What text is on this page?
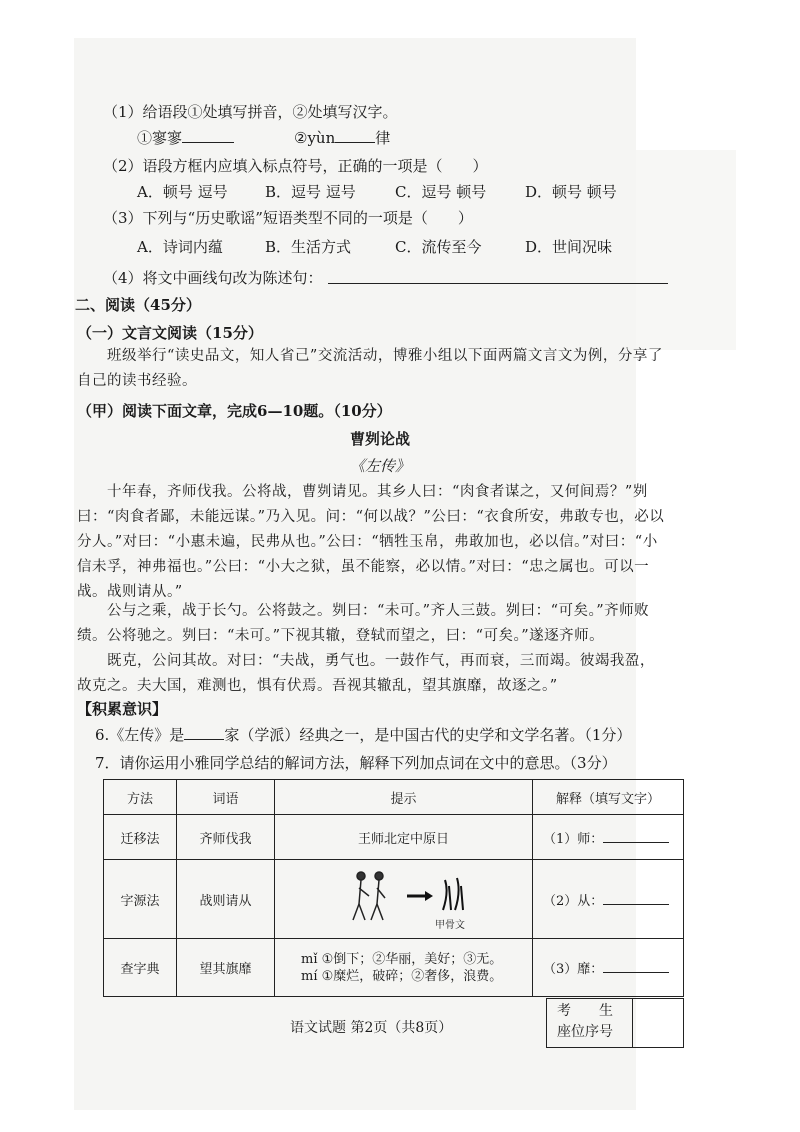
（1）给语段①处填写拼音，②处填写汉字。
①寥寥	②yùn	律
（2）语段方框内应填入标点符号，正确的一项是（　　）
A．顿号 逗号 B．逗号 逗号	C．逗号 顿号	D．顿号 顿号
（3）下列与“历史歌谣”短语类型不同的一项是（　　）
A．诗词内蕴	B．生活方式	C．流传至今	D．世间况味
（4）将文中画线句改为陈述句：
二、阅读（45分）
（一）文言文阅读（15分）
班级举行“读史品文，知人省己”交流活动，博雅小组以下面两篇文言文为例，分享了自己的读书经验。
（甲）阅读下面文章，完成6—10题。（10分）
曹刿论战
《左传》
十年春，齐师伐我。公将战，曹刿请见。其乡人曰：“肉食者谋之，又何间焉？”刿曰：“肉食者鄙，未能远谋。”乃入见。问：“何以战？”公曰：“衣食所安，弗敢专也，必以分人。”对曰：“小惠未遍，民弗从也。”公曰：“牺牲玉帛，弗敢加也，必以信。”对曰：“小信未孚，神弗福也。”公曰：“小大之狱，虽不能察，必以情。”对曰：“忠之属也。可以一战。战则请从。”
公与之乘，战于长勺。公将鼓之。刿曰：“未可。”齐人三鼓。刿曰：“可矣。”齐师败绩。公将驰之。刿曰：“未可。”下视其辙，登轼而望之，曰：“可矣。”遂逐齐师。
既克，公问其故。对曰：“夫战，勇气也。一鼓作气，再而衰，三而竭。彼竭我盈，故克之。夫大国，难测也，惧有伏焉。吾视其辙乱，望其旗靡，故逐之。”
【积累意识】
6.《左传》是	家（学派）经典之一，是中国古代的史学和文学名著。（1分）
7．请你运用小雅同学总结的解词方法，解释下列加点词在文中的意思。（3分）
方法	词语	提示	解释（填写文字）
迁移法	齐师伐我	王师北定中原日	（1）师：
字源法	战则请从	甲骨文	（2）从：
查字典	望其旗靡	mǐ ①倒下；②华丽，美好；③无。
mí ①糜烂，破碎；②奢侈，浪费。	（3）靡：
语文试题 第2页（共8页）
考　　生
座位序号
